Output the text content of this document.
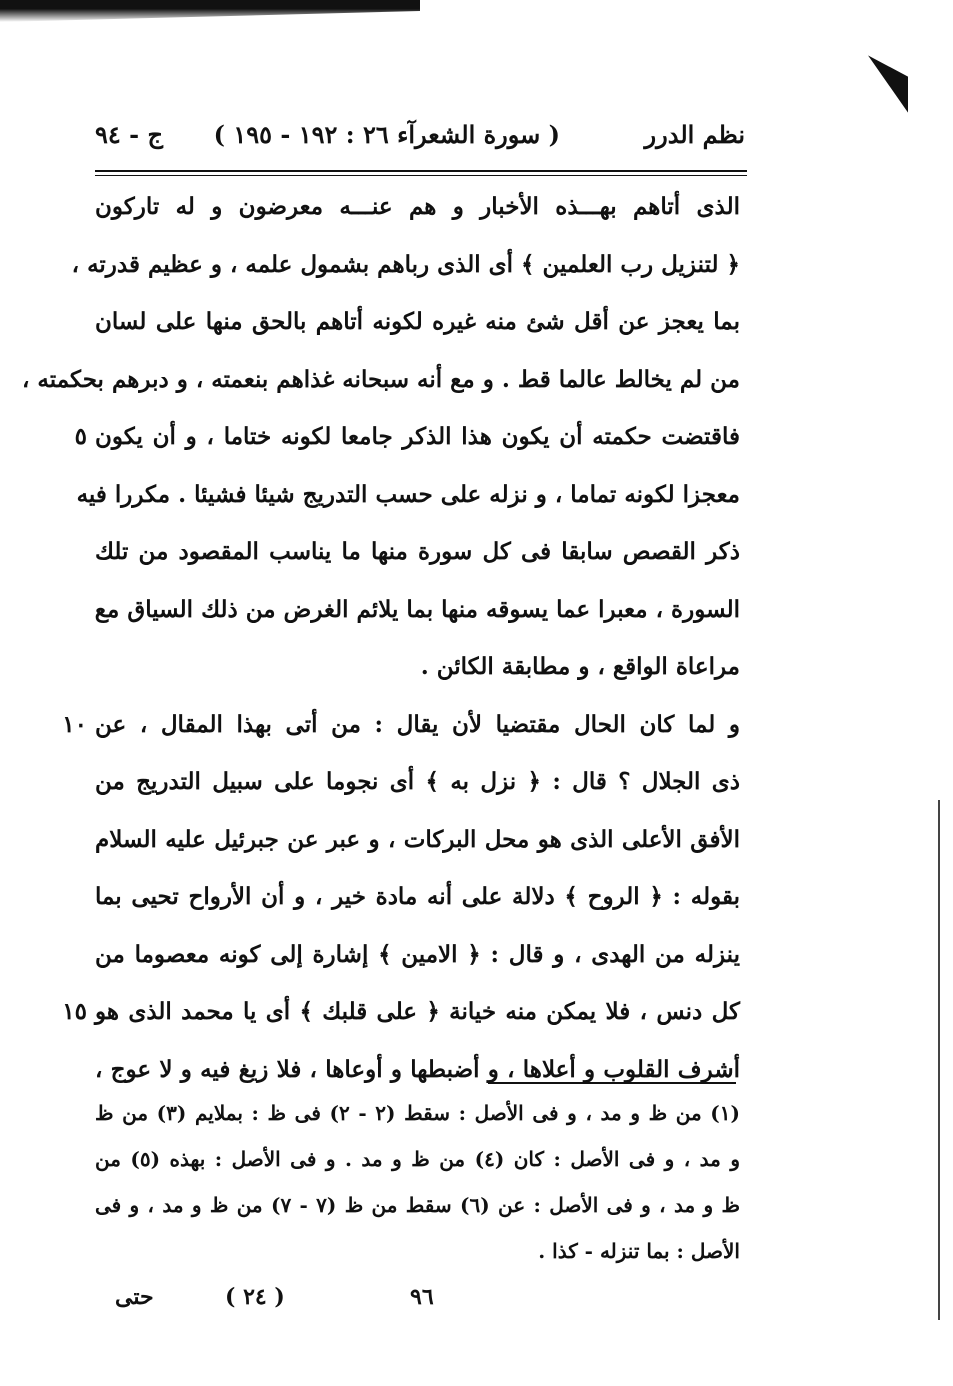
نظم الدرر
( سورة الشعرآء ٢٦ : ١٩٢ - ١٩٥ )
ج - ٩٤
الذى أتاهم بهـــذه الأخبار و هم عنـــه معرضون و له تاركون
﴿ لتنزيل رب العلمين ﴾ أى الذى رباهم بشمول علمه ، و عظيم قدرته ،
بما يعجز عن أقل شئ منه غيره لكونه أتاهم بالحق منها على لسان
من لم يخالط عالما قط . و مع أنه سبحانه غذاهم بنعمته ، و دبرهم بحكمته ،
فاقتضت حكمته أن يكون هذا الذكر جامعا لكونه ختاما ، و أن يكون
٥
معجزا لكونه تماما ، و نزله على حسب التدريج شيئا فشيئا . مكررا فيه
ذكر القصص سابقا فى كل سورة منها ما يناسب المقصود من تلك
السورة ، معبرا عما يسوقه منها بما يلائم الغرض من ذلك السياق مع
مراعاة الواقع ، و مطابقة الكائن .
و لما كان الحال مقتضيا لأن يقال : من أتى بهذا المقال ، عن
١٠
ذى الجلال ؟ قال : ﴿ نزل به ﴾ أى نجوما على سبيل التدريج من
الأفق الأعلى الذى هو محل البركات ، و عبر عن جبرئيل عليه السلام
بقوله : ﴿ الروح ﴾ دلالة على أنه مادة خير ، و أن الأرواح تحيى بما
ينزله من الهدى ، و قال : ﴿ الامين ﴾ إشارة إلى كونه معصوما من
كل دنس ، فلا يمكن منه خيانة ﴿ على قلبك ﴾ أى يا محمد الذى هو
١٥
أشرف القلوب و أعلاها ، و أضبطها و أوعاها ، فلا زيغ فيه و لا عوج ،
(١) من ظ و مد ، و فى الأصل : سقط (٢ - ٢) فى ظ : بملايم (٣) من ظ
و مد ، و فى الأصل : كان (٤) من ظ و مد . و فى الأصل : بهذه (٥) من
ظ و مد ، و فى الأصل : عن (٦) سقط من ظ (٧ - ٧) من ظ و مد ، و فى
الأصل : بما تنزله - كذا .
حتى	( ٢٤ )	٩٦
